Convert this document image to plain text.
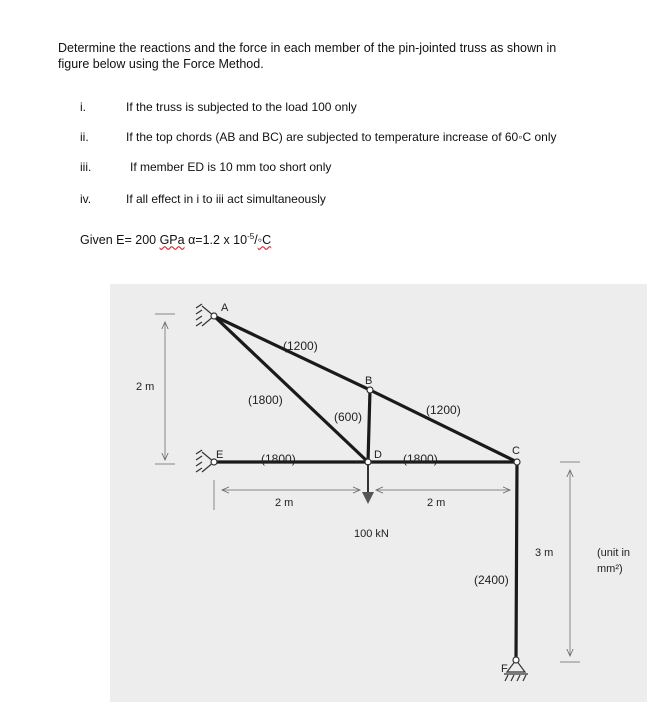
Determine the reactions and the force in each member of the pin-jointed truss as shown in figure below using the Force Method.
i.	If the truss is subjected to the load 100 only
ii.	If the top chords (AB and BC) are subjected to temperature increase of 60◦C only
iii.	If member ED is 10 mm too short only
iv.	If all effect in i to iii act simultaneously
Given E= 200 GPa α=1.2 x $10^{-5}/◦C$
A
B
C
D
E
F
(1200)
(1800)
(600)	(1200)
(1800)	(1800)
(2400)
2 m
2 m	2 m
3 m
100 kN
(unit in
mm²)
